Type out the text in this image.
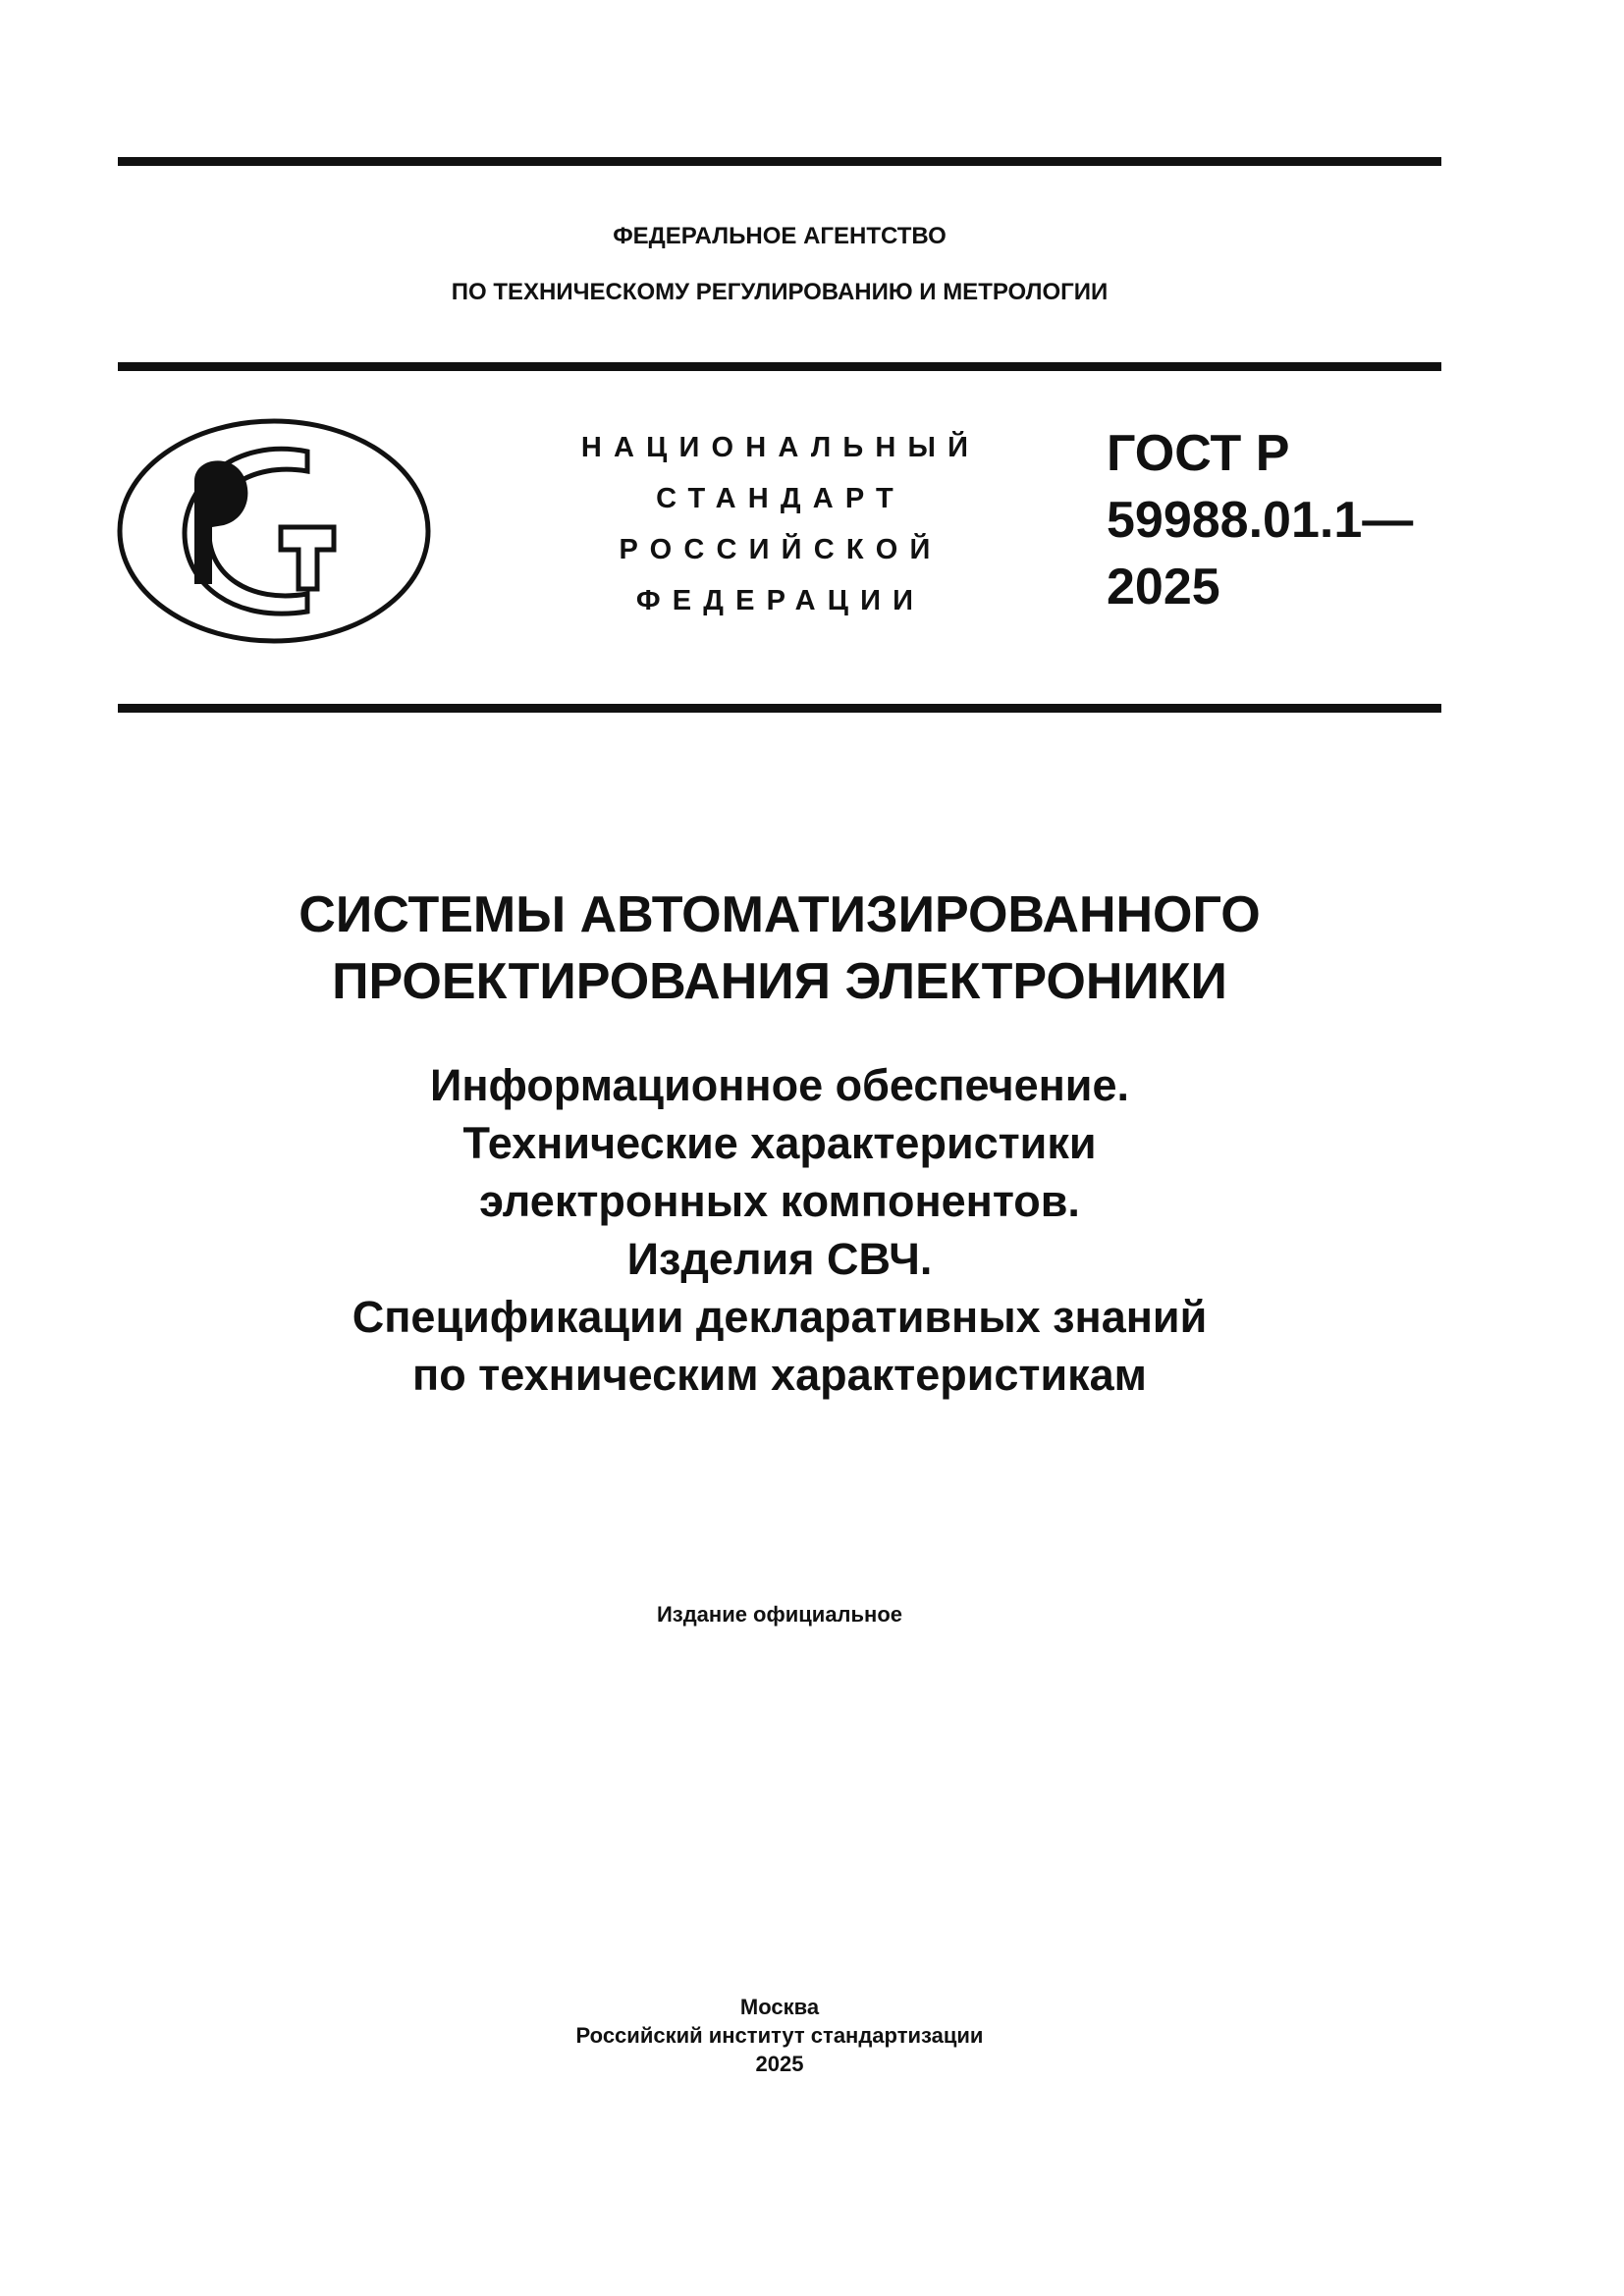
ФЕДЕРАЛЬНОЕ АГЕНТСТВО
ПО ТЕХНИЧЕСКОМУ РЕГУЛИРОВАНИЮ И МЕТРОЛОГИИ
НАЦИОНАЛЬНЫЙ
СТАНДАРТ
РОССИЙСКОЙ
ФЕДЕРАЦИИ
ГОСТ Р
59988.01.1—
2025
СИСТЕМЫ АВТОМАТИЗИРОВАННОГО
ПРОЕКТИРОВАНИЯ ЭЛЕКТРОНИКИ
Информационное обеспечение.
Технические характеристики
электронных компонентов.
Изделия СВЧ.
Спецификации декларативных знаний
по техническим характеристикам
Издание официальное
Москва
Российский институт стандартизации
2025
